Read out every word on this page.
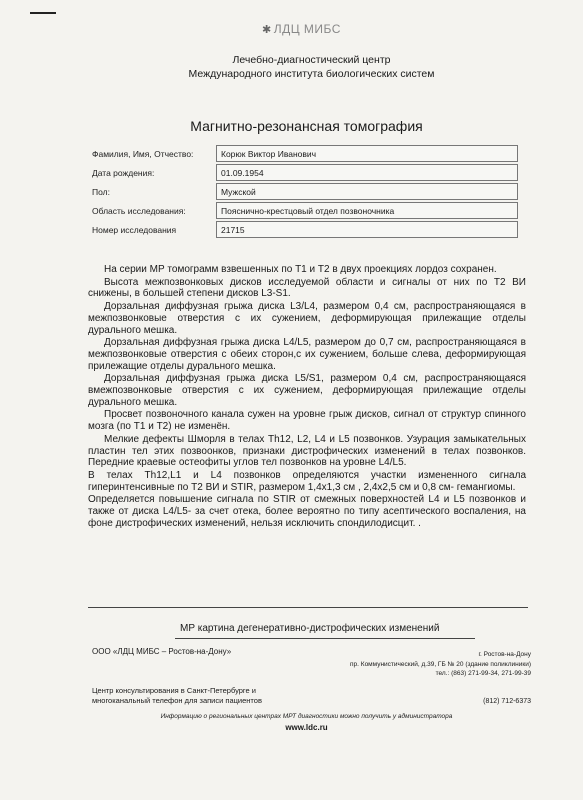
✱ ЛДЦ МИБС
Лечебно-диагностический центр
Международного института биологических систем
Магнитно-резонансная томография
Фамилия, Имя, Отчество:	Корюк Виктор Иванович

Дата рождения:	01.09.1954

Пол:	Мужской

Область исследования:	Пояснично-крестцовый отдел позвоночника

Номер исследования	21715

На серии МР томограмм взвешенных по Т1 и Т2 в двух проекциях лордоз сохранен.

Высота межпозвонковых дисков исследуемой области и сигналы от них по Т2 ВИ снижены, в большей степени дисков L3-S1.

Дорзальная диффузная грыжа диска L3/L4, размером 0,4 см, распространяющаяся в межпозвонковые отверстия с их сужением, деформирующая прилежащие отделы дурального мешка.

Дорзальная диффузная грыжа диска L4/L5, размером до 0,7 см, распространяющаяся в межпозвонковые отверстия с обеих сторон,с их сужением, больше слева, деформирующая прилежащие отделы дурального мешка.

Дорзальная диффузная грыжа диска L5/S1, размером 0,4 см, распространяющаяся вмежпозвонковые отверстия с их сужением, деформирующая прилежащие отделы дурального мешка.

Просвет позвоночного канала сужен на уровне грыж дисков, сигнал от структур спинного мозга (по Т1 и Т2) не изменён.

Мелкие дефекты Шморля в телах Th12, L2, L4 и L5 позвонков. Узурация замыкательных пластин тел этих позвоонков, признаки дистрофических изменений в телах позвонков. Передние краевые остеофиты углов тел позвонков на уровне L4/L5.

В телах Th12,L1 и L4 позвонков определяются участки измененного сигнала гиперинтенсивные по Т2 ВИ и STIR, размером 1,4х1,3 см , 2,4х2,5 см и 0,8 см- гемангиомы.

Определяется повышение сигнала по STIR от смежных поверхностей L4 и L5 позвонков и также от диска L4/L5- за счет отека, более вероятно по типу асептического воспаления, на фоне дистрофических изменений, нельзя исключить спондилодисцит. .

МР картина дегенеративно-дистрофических изменений
ООО «ЛДЦ МИБС – Ростов-на-Дону»	г. Ростов-на-Дону
пр. Коммунистический, д.39, ГБ № 20 (здание поликлиники)
тел.: (863) 271-99-34, 271-99-39
Центр консультирования в Санкт-Петербурге и
многоканальный телефон для записи пациентов	(812) 712-6373
Информацию о региональных центрах МРТ диагностики можно получить у администратора
www.ldc.ru
